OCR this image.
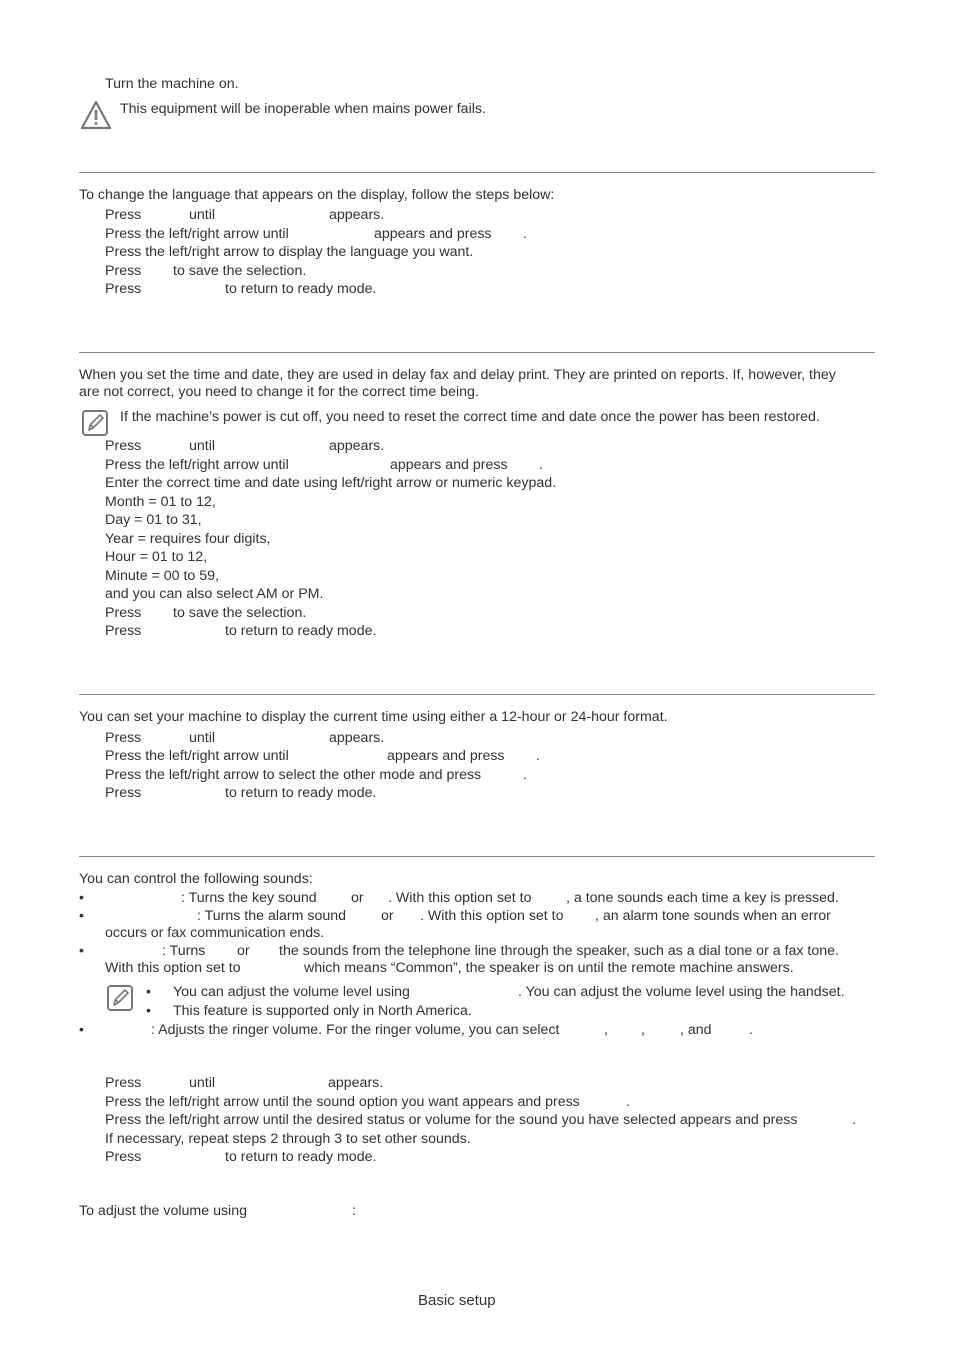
Turn the machine on.
This equipment will be inoperable when mains power fails.
To change the language that appears on the display, follow the steps below:
Press	until	appears.
Press the left/right arrow until	appears and press .
Press the left/right arrow to display the language you want.
Press to save the selection.
Press	to return to ready mode.
When you set the time and date, they are used in delay fax and delay print. They are printed on reports. If, however, they
are not correct, you need to change it for the correct time being.
If the machine’s power is cut off, you need to reset the correct time and date once the power has been restored.
Press	until	appears.
Press the left/right arrow until	appears and press .
Enter the correct time and date using left/right arrow or numeric keypad.
Month = 01 to 12,
Day = 01 to 31,
Year = requires four digits,
Hour = 01 to 12,
Minute = 00 to 59,
and you can also select AM or PM.
Press to save the selection.
Press	to return to ready mode.
You can set your machine to display the current time using either a 12-hour or 24-hour format.
Press	until	appears.
Press the left/right arrow until	appears and press .
Press the left/right arrow to select the other mode and press	.
Press	to return to ready mode.
You can control the following sounds:
•	: Turns the key sound or . With this option set to , a tone sounds each time a key is pressed.
•	: Turns the alarm sound or . With this option set to , an alarm tone sounds when an error
occurs or fax communication ends.
•	: Turns or the sounds from the telephone line through the speaker, such as a dial tone or a fax tone.
With this option set to	which means “Common”, the speaker is on until the remote machine answers.
• You can adjust the volume level using	. You can adjust the volume level using the handset.
• This feature is supported only in North America.
•	: Adjusts the ringer volume. For the ringer volume, you can select	, , , and	.
Press	until	appears.
Press the left/right arrow until the sound option you want appears and press	.
Press the left/right arrow until the desired status or volume for the sound you have selected appears and press	.
If necessary, repeat steps 2 through 3 to set other sounds.
Press	to return to ready mode.
To adjust the volume using	:
Basic setup
